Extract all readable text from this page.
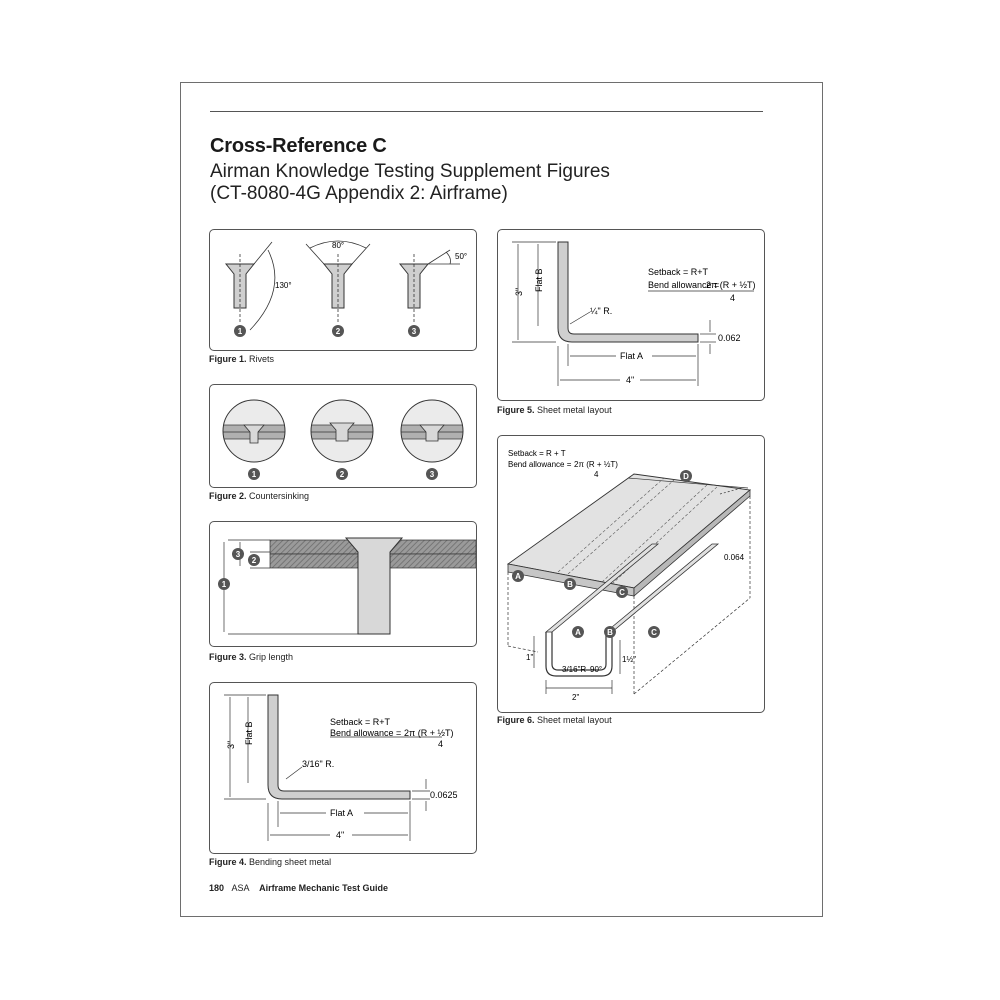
Cross-Reference C
Airman Knowledge Testing Supplement Figures
(CT-8080-4G Appendix 2: Airframe)
130°
80°
50°
1	2	3
Figure 1. Rivets
1	2	3
Figure 2. Countersinking
1
2
3
Figure 3. Grip length
3" Flat B
Flat A
4"
0.0625
3/16" R.
Setback = R+T
Bend allowance = 2π (R + ½T)
4
Figure 4. Bending sheet metal
3" Flat B
Flat A
4"
0.062
¼" R.
Setback = R+T
Bend allowance =
2π (R + ½T)
4
Figure 5. Sheet metal layout
Setback = R + T
Bend allowance = 2π (R + ½T)
4
0.064
3/16"R 90°
2"
1"	1½"
A
B
C
D
A	B	C
Figure 6. Sheet metal layout
180 ASA Airframe Mechanic Test Guide
